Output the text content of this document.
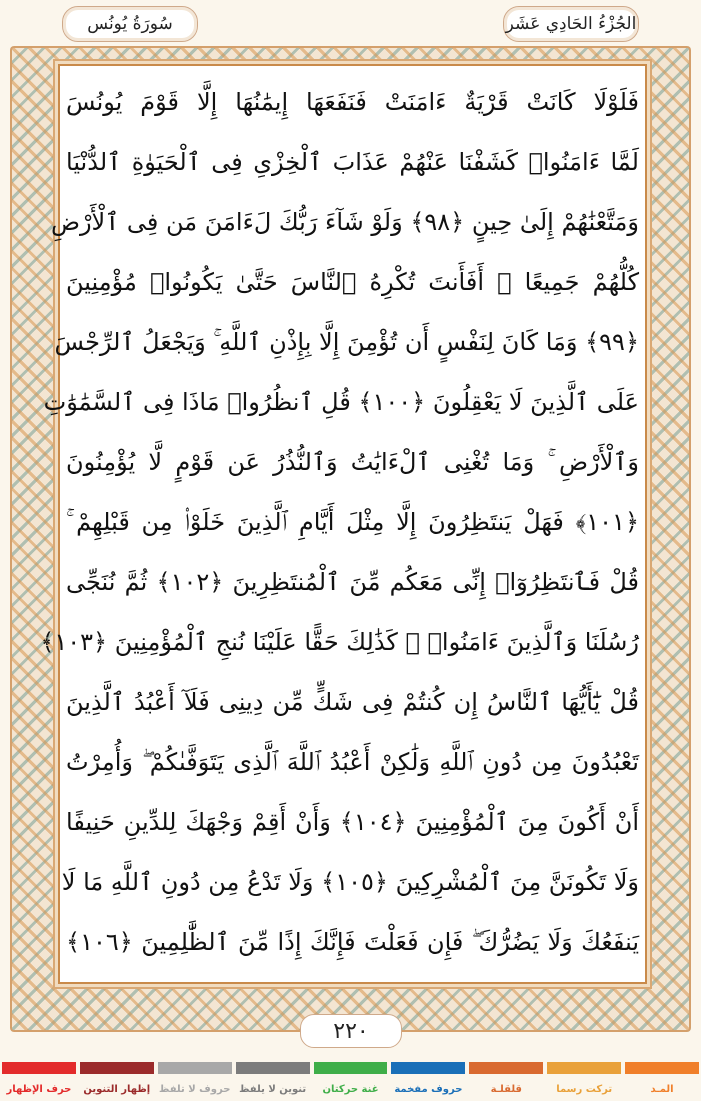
سُورَةُ يُونُس	الجُزْءُ الحَادِي عَشَر
فَلَوْلَا كَانَتْ قَرْيَةٌ ءَامَنَتْ فَنَفَعَهَا إِيمَٰنُهَا إِلَّا قَوْمَ يُونُسَ
لَمَّا ءَامَنُوا۟ كَشَفْنَا عَنْهُمْ عَذَابَ ٱلْخِزْىِ فِى ٱلْحَيَوٰةِ ٱلدُّنْيَا
وَمَتَّعْنَٰهُمْ إِلَىٰ حِينٍ ﴿٩٨﴾ وَلَوْ شَآءَ رَبُّكَ لَءَامَنَ مَن فِى ٱلْأَرْضِ
كُلُّهُمْ جَمِيعًا ۚ أَفَأَنتَ تُكْرِهُ ٱلنَّاسَ حَتَّىٰ يَكُونُوا۟ مُؤْمِنِينَ
﴿٩٩﴾ وَمَا كَانَ لِنَفْسٍ أَن تُؤْمِنَ إِلَّا بِإِذْنِ ٱللَّهِ ۚ وَيَجْعَلُ ٱلرِّجْسَ
عَلَى ٱلَّذِينَ لَا يَعْقِلُونَ ﴿١٠٠﴾ قُلِ ٱنظُرُوا۟ مَاذَا فِى ٱلسَّمَٰوَٰتِ
وَٱلْأَرْضِ ۚ وَمَا تُغْنِى ٱلْءَايَٰتُ وَٱلنُّذُرُ عَن قَوْمٍ لَّا يُؤْمِنُونَ
﴿١٠١﴾ فَهَلْ يَنتَظِرُونَ إِلَّا مِثْلَ أَيَّامِ ٱلَّذِينَ خَلَوْا۟ مِن قَبْلِهِمْ ۚ
قُلْ فَٱنتَظِرُوٓا۟ إِنِّى مَعَكُم مِّنَ ٱلْمُنتَظِرِينَ ﴿١٠٢﴾ ثُمَّ نُنَجِّى
رُسُلَنَا وَٱلَّذِينَ ءَامَنُوا۟ ۚ كَذَٰلِكَ حَقًّا عَلَيْنَا نُنجِ ٱلْمُؤْمِنِينَ ﴿١٠٣﴾
قُلْ يَٰٓأَيُّهَا ٱلنَّاسُ إِن كُنتُمْ فِى شَكٍّ مِّن دِينِى فَلَآ أَعْبُدُ ٱلَّذِينَ
تَعْبُدُونَ مِن دُونِ ٱللَّهِ وَلَٰكِنْ أَعْبُدُ ٱللَّهَ ٱلَّذِى يَتَوَفَّىٰكُمْ ۖ وَأُمِرْتُ
أَنْ أَكُونَ مِنَ ٱلْمُؤْمِنِينَ ﴿١٠٤﴾ وَأَنْ أَقِمْ وَجْهَكَ لِلدِّينِ حَنِيفًا
وَلَا تَكُونَنَّ مِنَ ٱلْمُشْرِكِينَ ﴿١٠٥﴾ وَلَا تَدْعُ مِن دُونِ ٱللَّهِ مَا لَا
يَنفَعُكَ وَلَا يَضُرُّكَ ۖ فَإِن فَعَلْتَ فَإِنَّكَ إِذًا مِّنَ ٱلظَّٰلِمِينَ ﴿١٠٦﴾
٢٢٠
المـد
تركت رسما
قلقلـة
حروف مفخمة
غنة حركتان
تنوين لا يلفظ
حروف لا تلفظ
إظهار التنوين
حرف الإظهار
